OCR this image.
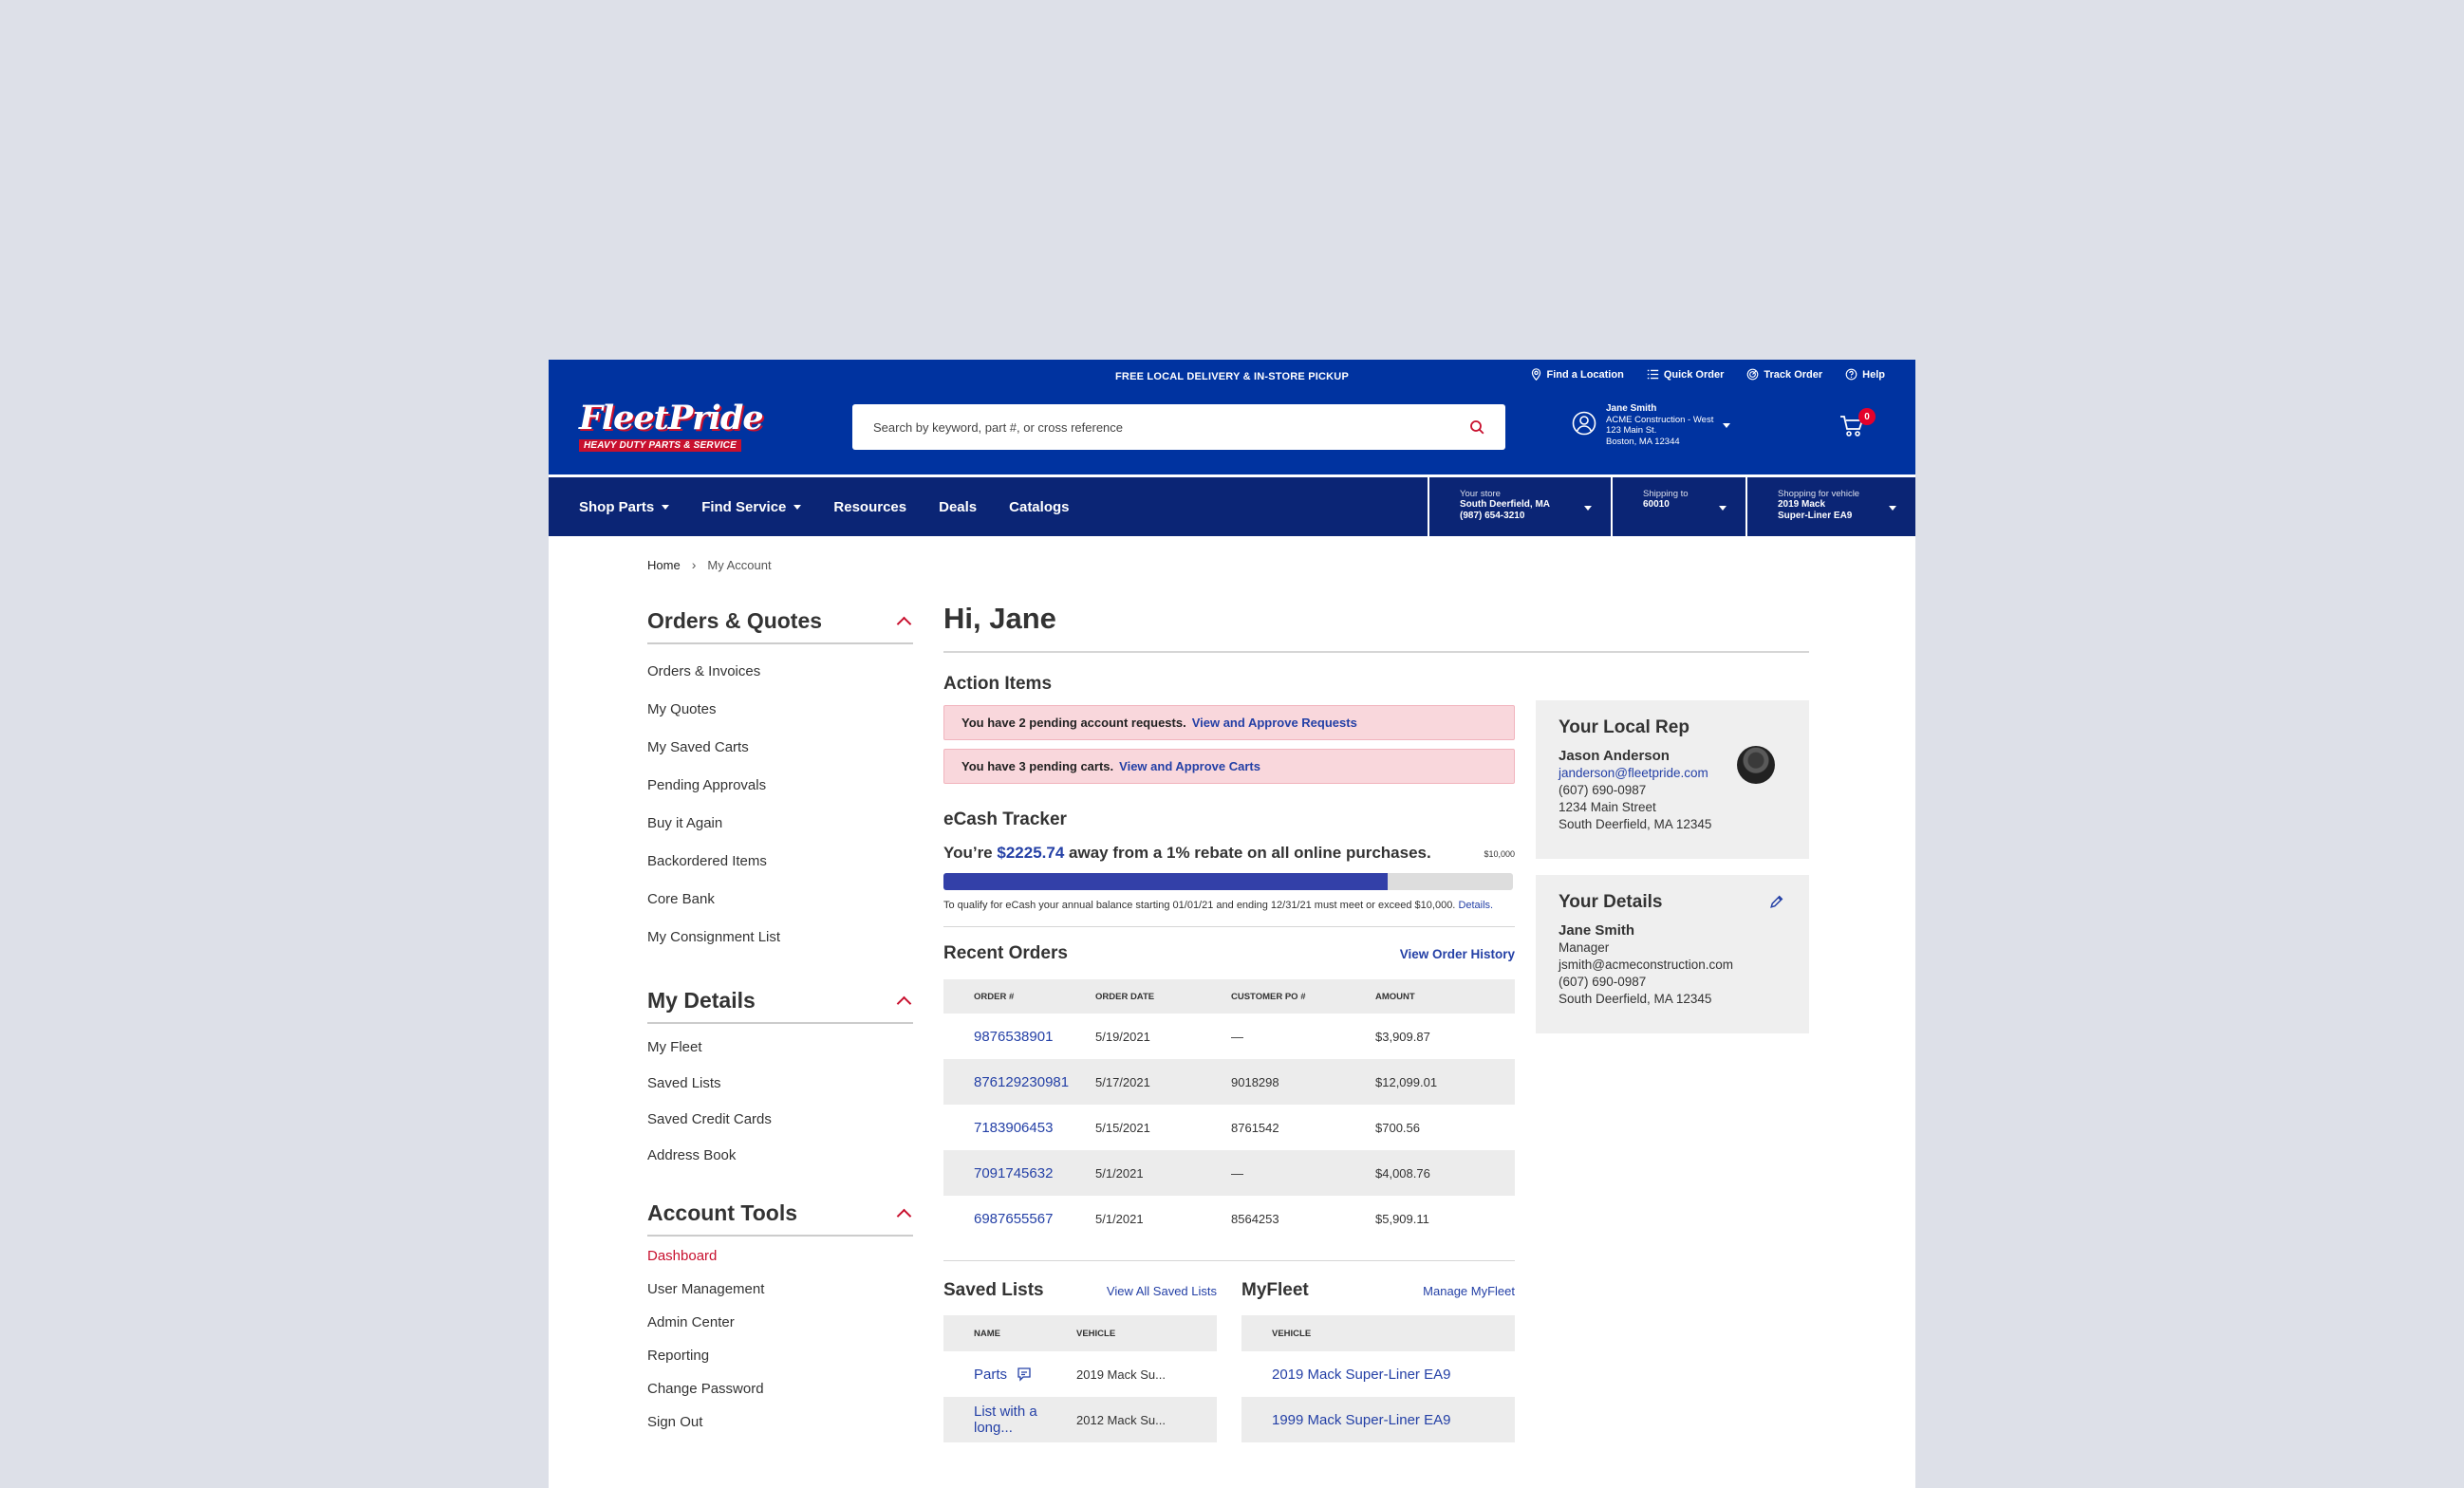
FREE LOCAL DELIVERY & IN-STORE PICKUP	Find a Location	Quick Order	Track Order	Help
FleetPride
HEAVY DUTY PARTS & SERVICE
Search by keyword, part #, or cross reference
Jane Smith
ACME Construction - West
123 Main St.
Boston, MA 12344
0
Shop Parts	Find Service	Resources Deals Catalogs
Your store
South Deerfield, MA
(987) 654-3210
Shipping to
60010
Shopping for vehicle
2019 Mack
Super-Liner EA9
Home › My Account
Orders & Quotes
Orders & Invoices
My Quotes
My Saved Carts
Pending Approvals
Buy it Again
Backordered Items
Core Bank
My Consignment List
My Details
My Fleet
Saved Lists
Saved Credit Cards
Address Book
Account Tools
Dashboard
User Management
Admin Center
Reporting
Change Password
Sign Out
Hi, Jane
Action Items
You have 2 pending account requests. View and Approve Requests
You have 3 pending carts. View and Approve Carts
eCash Tracker
You’re $2225.74 away from a 1% rebate on all online purchases.	$10,000
To qualify for eCash your annual balance starting 01/01/21 and ending 12/31/21 must meet or exceed $10,000. Details.
Recent Orders	View Order History
ORDER #	ORDER DATE	CUSTOMER PO #	AMOUNT
9876538901	5/19/2021	—	$3,909.87
876129230981	5/17/2021	9018298	$12,099.01
7183906453	5/15/2021	8761542	$700.56
7091745632	5/1/2021	—	$4,008.76
6987655567	5/1/2021	8564253	$5,909.11
Saved Lists	View All Saved Lists
NAME	VEHICLE
Parts	2019 Mack Su...
List with a long...	2012 Mack Su...
MyFleet	Manage MyFleet
VEHICLE
2019 Mack Super-Liner EA9
1999 Mack Super-Liner EA9
Your Local Rep
Jason Anderson
janderson@fleetpride.com
(607) 690-0987
1234 Main Street
South Deerfield, MA 12345
Your Details
Jane Smith
Manager
jsmith@acmeconstruction.com
(607) 690-0987
South Deerfield, MA 12345
